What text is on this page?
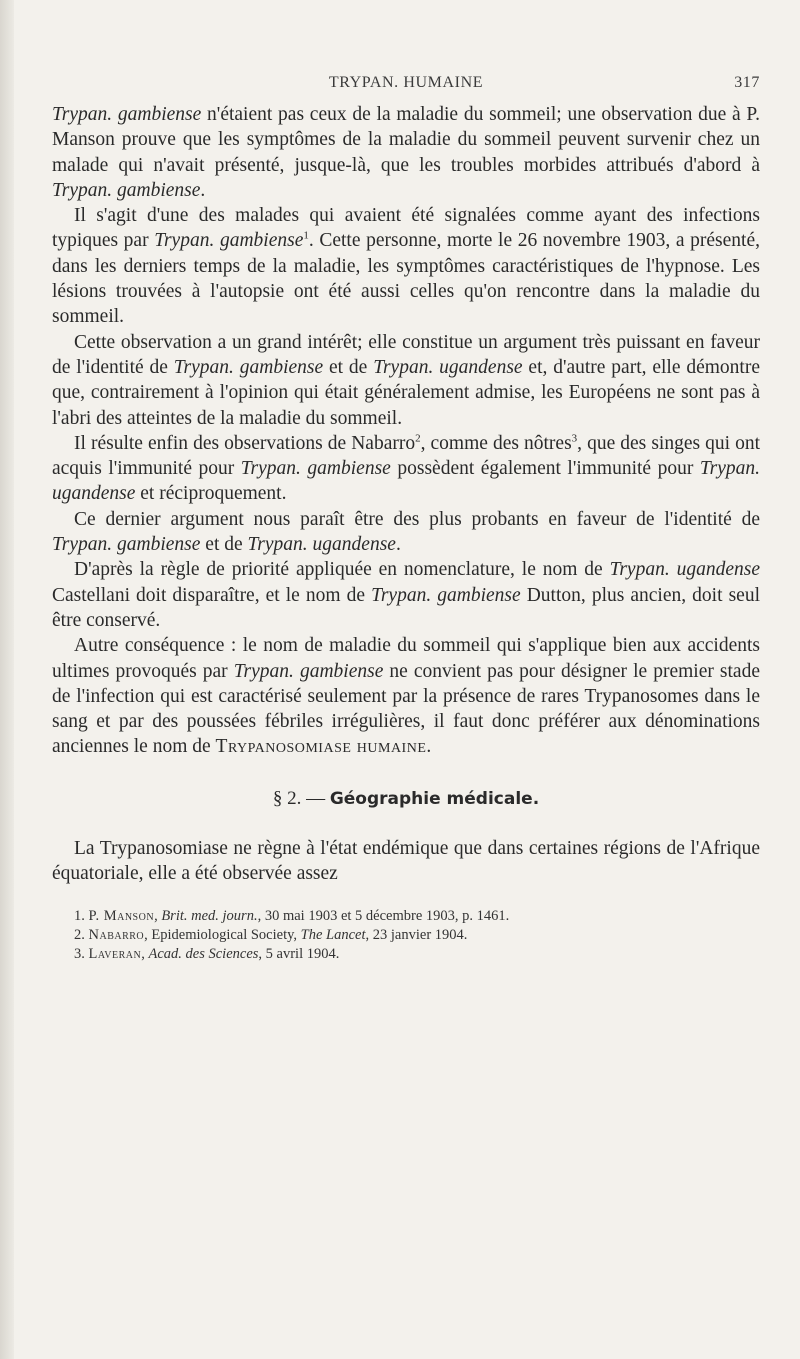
TRYPAN. HUMAINE	317

Trypan. gambiense n'étaient pas ceux de la maladie du sommeil; une observation due à P. Manson prouve que les symptômes de la maladie du sommeil peuvent survenir chez un malade qui n'avait présenté, jusque-là, que les troubles morbides attribués d'abord à Trypan. gambiense.

Il s'agit d'une des malades qui avaient été signalées comme ayant des infections typiques par Trypan. gambiense$^1$. Cette personne, morte le 26 novembre 1903, a présenté, dans les derniers temps de la maladie, les symptômes caractéristiques de l'hypnose. Les lésions trouvées à l'autopsie ont été aussi celles qu'on rencontre dans la maladie du sommeil.

Cette observation a un grand intérêt; elle constitue un argument très puissant en faveur de l'identité de Trypan. gambiense et de Trypan. ugandense et, d'autre part, elle démontre que, contrairement à l'opinion qui était généralement admise, les Européens ne sont pas à l'abri des atteintes de la maladie du sommeil.

Il résulte enfin des observations de Nabarro$^2$, comme des nôtres$^3$, que des singes qui ont acquis l'immunité pour Trypan. gambiense possèdent également l'immunité pour Trypan. ugandense et réciproquement.

Ce dernier argument nous paraît être des plus probants en faveur de l'identité de Trypan. gambiense et de Trypan. ugandense.

D'après la règle de priorité appliquée en nomenclature, le nom de Trypan. ugandense Castellani doit disparaître, et le nom de Trypan. gambiense Dutton, plus ancien, doit seul être conservé.

Autre conséquence : le nom de maladie du sommeil qui s'applique bien aux accidents ultimes provoqués par Trypan. gambiense ne convient pas pour désigner le premier stade de l'infection qui est caractérisé seulement par la présence de rares Trypanosomes dans le sang et par des poussées fébriles irrégulières, il faut donc préférer aux dénominations anciennes le nom de Trypanosomiase humaine.

§ 2. — Géographie médicale.

La Trypanosomiase ne règne à l'état endémique que dans certaines régions de l'Afrique équatoriale, elle a été observée assez

1. P. Manson, Brit. med. journ., 30 mai 1903 et 5 décembre 1903, p. 1461.
2. Nabarro, Epidemiological Society, The Lancet, 23 janvier 1904.
3. Laveran, Acad. des Sciences, 5 avril 1904.
